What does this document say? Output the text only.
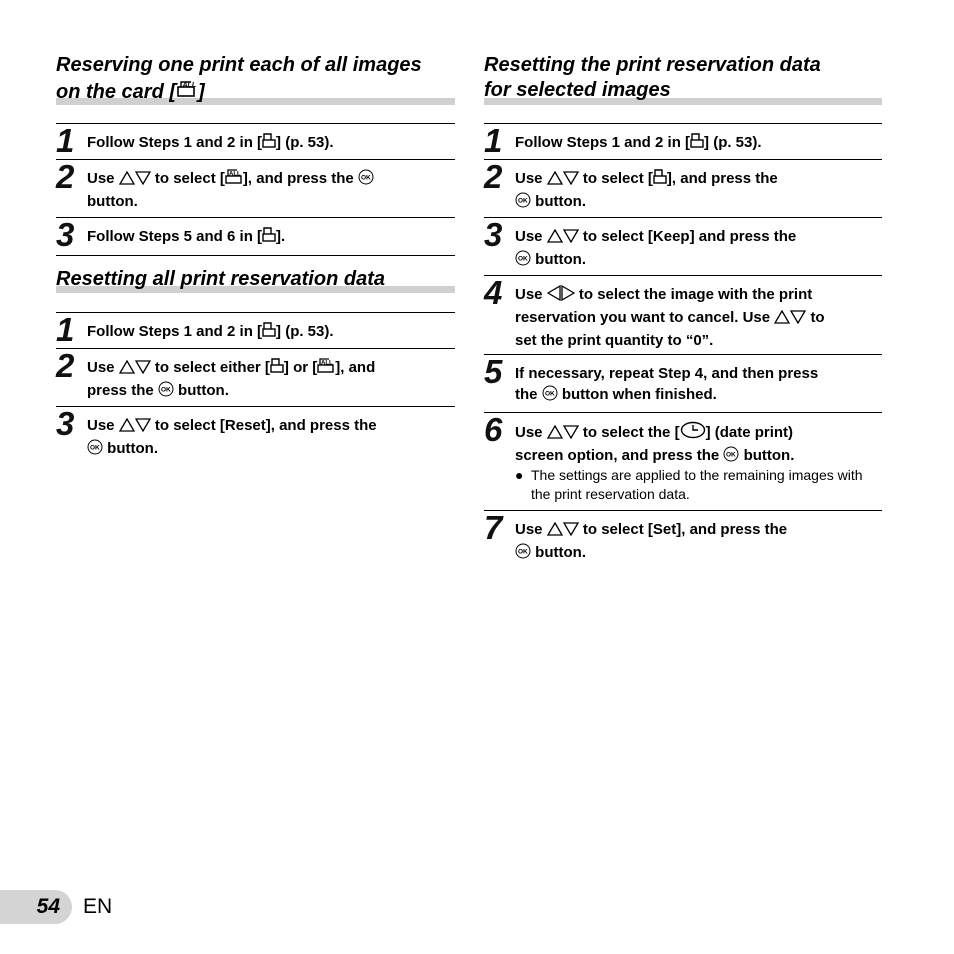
Reserving one print each of all images
on the card [ ALL ]
1 Follow Steps 1 and 2 in [ ] (p. 53).
2 Use	to select [ ALL ], and press the OK

button.
3 Follow Steps 5 and 6 in [ ].
Resetting all print reservation data
1 Follow Steps 1 and 2 in [ ] (p. 53).
2 Use	to select either [ ] or [ ALL ], and
press the OK button.
3 Use	to select [Reset], and press the

OK button.
Resetting the print reservation data
for selected images
1 Follow Steps 1 and 2 in [ ] (p. 53).
2 Use	to select [ ], and press the

OK button.
3 Use	to select [Keep] and press the

OK button.
4 Use to select the image with the print
reservation you want to cancel. Use	to
set the print quantity to “0”.
5 If necessary, repeat Step 4, and then press
the OK button when finished.
6 Use	to select the [ ] (date print)
screen option, and press the OK button.
● The settings are applied to the remaining images with the print reservation data.
7 Use	to select [Set], and press the

OK button.
54 EN
